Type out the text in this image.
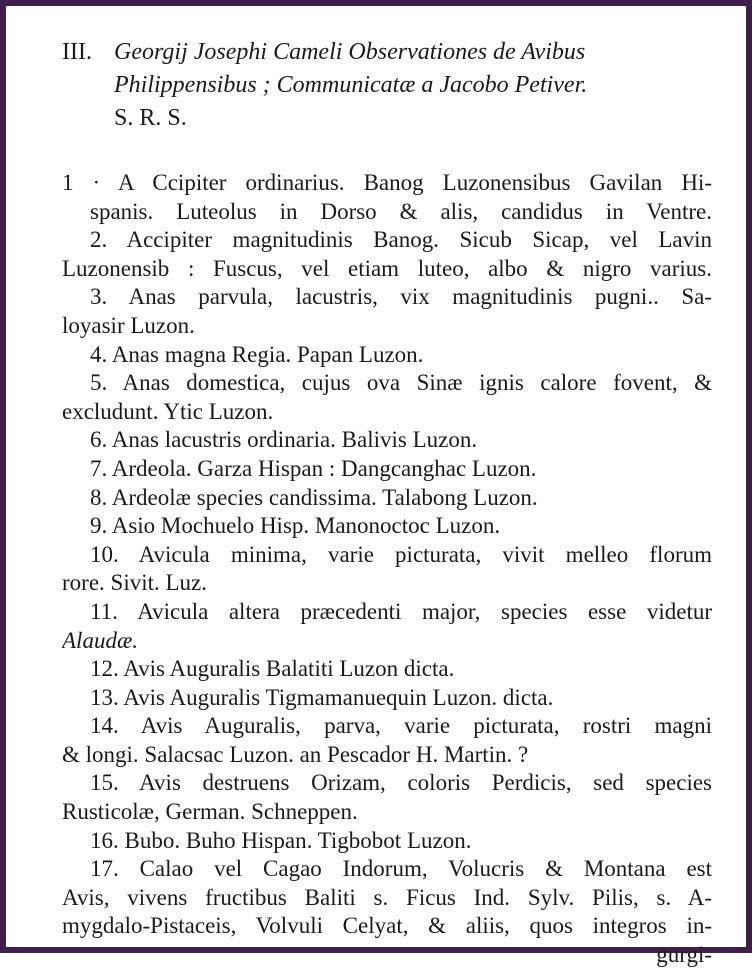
III. Georgij Josephi Cameli Observationes de Avibus
Philippensibus ; Communicatæ a Jacobo Petiver.
S. R. S.
1 · A Ccipiter ordinarius. Banog Luzonensibus Gavilan Hi-
spanis. Luteolus in Dorso & alis, candidus in Ventre.
2. Accipiter magnitudinis Banog. Sicub Sicap, vel Lavin
Luzonensib : Fuscus, vel etiam luteo, albo & nigro varius.
3. Anas parvula, lacustris, vix magnitudinis pugni.. Sa-
loyasir Luzon.
4. Anas magna Regia. Papan Luzon.
5. Anas domestica, cujus ova Sinæ ignis calore fovent, &
excludunt. Ytic Luzon.
6. Anas lacustris ordinaria. Balivis Luzon.
7. Ardeola. Garza Hispan : Dangcanghac Luzon.
8. Ardeolæ species candissima. Talabong Luzon.
9. Asio Mochuelo Hisp. Manonoctoc Luzon.
10. Avicula minima, varie picturata, vivit melleo florum
rore. Sivit. Luz.
11. Avicula altera præcedenti major, species esse videtur
Alaudæ.
12. Avis Auguralis Balatiti Luzon dicta.
13. Avis Auguralis Tigmamanuequin Luzon. dicta.
14. Avis Auguralis, parva, varie picturata, rostri magni
& longi. Salacsac Luzon. an Pescador H. Martin. ?
15. Avis destruens Orizam, coloris Perdicis, sed species
Rusticolæ, German. Schneppen.
16. Bubo. Buho Hispan. Tigbobot Luzon.
17. Calao vel Cagao Indorum, Volucris & Montana est
Avis, vivens fructibus Baliti s. Ficus Ind. Sylv. Pilis, s. A-
mygdalo-Pistaceis, Volvuli Celyat, & aliis, quos integros in-
gurgi-
